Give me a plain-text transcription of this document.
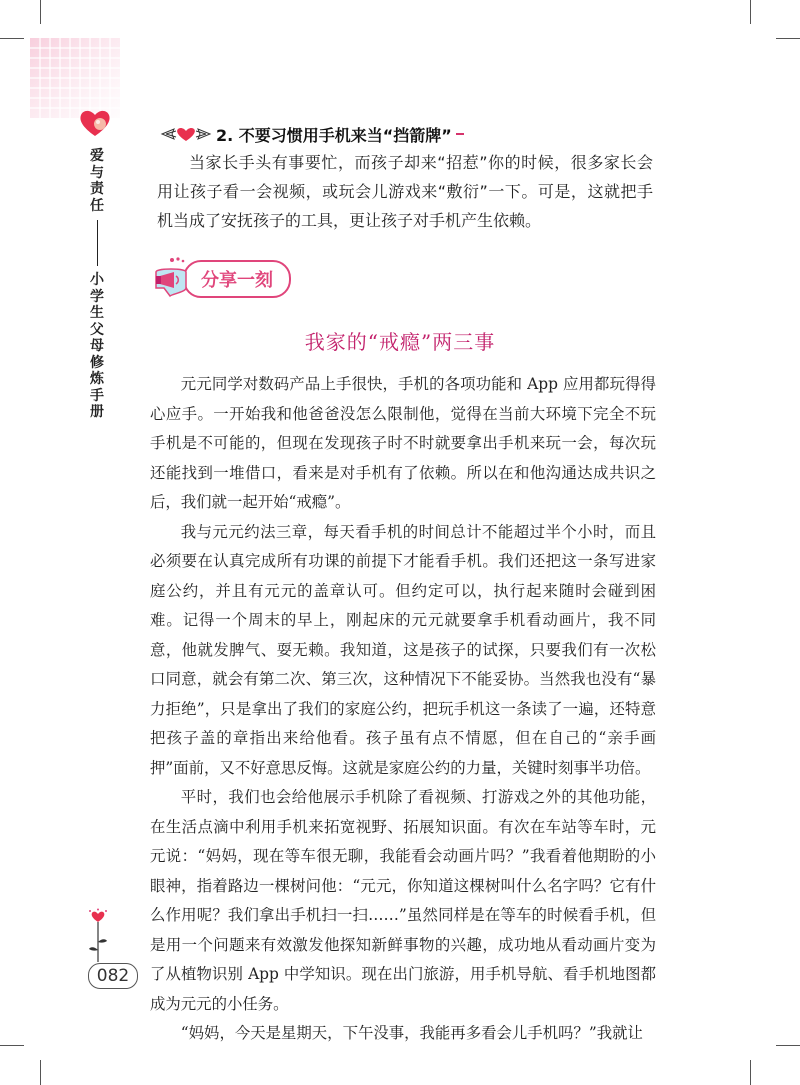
爱与责任
小学生父母修炼手册
2. 不要习惯用手机来当“挡箭牌”
当家长手头有事要忙，而孩子却来“招惹”你的时候，很多家长会用让孩子看一会视频，或玩会儿游戏来“敷衍”一下。可是，这就把手机当成了安抚孩子的工具，更让孩子对手机产生依赖。
分享一刻
我家的“戒瘾”两三事

元元同学对数码产品上手很快，手机的各项功能和 App 应用都玩得得心应手。一开始我和他爸爸没怎么限制他，觉得在当前大环境下完全不玩手机是不可能的，但现在发现孩子时不时就要拿出手机来玩一会，每次玩还能找到一堆借口，看来是对手机有了依赖。所以在和他沟通达成共识之后，我们就一起开始“戒瘾”。

我与元元约法三章，每天看手机的时间总计不能超过半个小时，而且必须要在认真完成所有功课的前提下才能看手机。我们还把这一条写进家庭公约，并且有元元的盖章认可。但约定可以，执行起来随时会碰到困难。记得一个周末的早上，刚起床的元元就要拿手机看动画片，我不同意，他就发脾气、耍无赖。我知道，这是孩子的试探，只要我们有一次松口同意，就会有第二次、第三次，这种情况下不能妥协。当然我也没有“暴力拒绝”，只是拿出了我们的家庭公约，把玩手机这一条读了一遍，还特意把孩子盖的章指出来给他看。孩子虽有点不情愿，但在自己的“亲手画押”面前，又不好意思反悔。这就是家庭公约的力量，关键时刻事半功倍。

平时，我们也会给他展示手机除了看视频、打游戏之外的其他功能，在生活点滴中利用手机来拓宽视野、拓展知识面。有次在车站等车时，元元说：“妈妈，现在等车很无聊，我能看会动画片吗？”我看着他期盼的小眼神，指着路边一棵树问他：“元元，你知道这棵树叫什么名字吗？它有什么作用呢？我们拿出手机扫一扫……”虽然同样是在等车的时候看手机，但是用一个问题来有效激发他探知新鲜事物的兴趣，成功地从看动画片变为了从植物识别 App 中学知识。现在出门旅游，用手机导航、看手机地图都成为元元的小任务。

“妈妈，今天是星期天，下午没事，我能再多看会儿手机吗？”我就让

082
